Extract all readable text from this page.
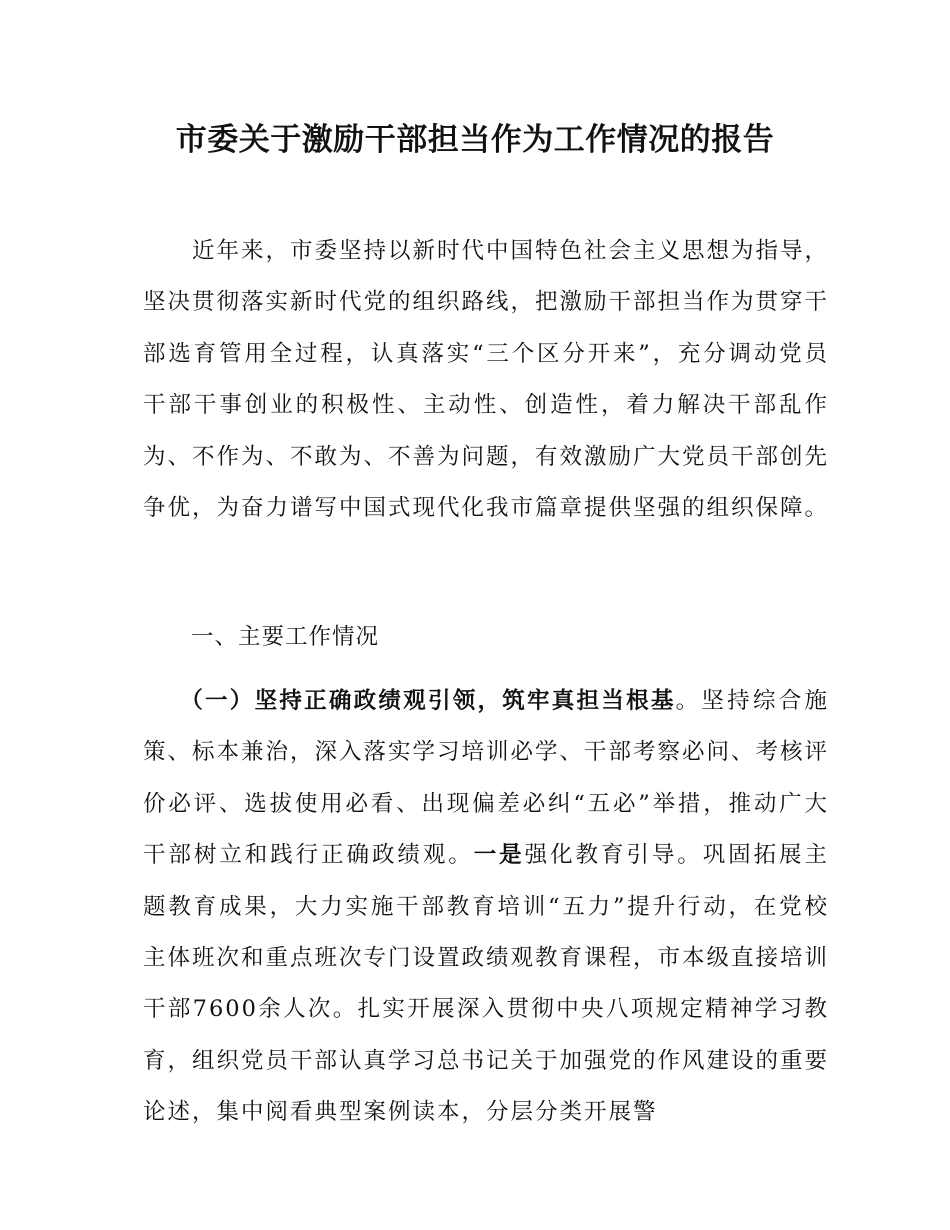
市委关于激励干部担当作为工作情况的报告

近年来，市委坚持以新时代中国特色社会主义思想为指导，坚决贯彻落实新时代党的组织路线，把激励干部担当作为贯穿干部选育管用全过程，认真落实“三个区分开来”，充分调动党员干部干事创业的积极性、主动性、创造性，着力解决干部乱作为、不作为、不敢为、不善为问题，有效激励广大党员干部创先争优，为奋力谱写中国式现代化我市篇章提供坚强的组织保障。

一、主要工作情况

（一）坚持正确政绩观引领，筑牢真担当根基。坚持综合施策、标本兼治，深入落实学习培训必学、干部考察必问、考核评价必评、选拔使用必看、出现偏差必纠“五必”举措，推动广大干部树立和践行正确政绩观。一是强化教育引导。巩固拓展主题教育成果，大力实施干部教育培训“五力”提升行动，在党校主体班次和重点班次专门设置政绩观教育课程，市本级直接培训干部7600余人次。扎实开展深入贯彻中央八项规定精神学习教育，组织党员干部认真学习总书记关于加强党的作风建设的重要论述，集中阅看典型案例读本，分层分类开展警
